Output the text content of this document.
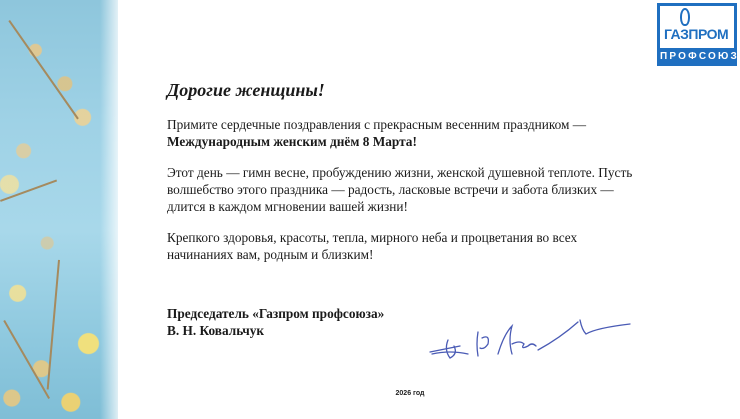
ГАЗПРОМ
ПРОФСОЮЗ

Дорогие женщины!

Примите сердечные поздравления с прекрасным весенним праздником —
Международным женским днём 8 Марта!

Этот день — гимн весне, пробуждению жизни, женской душевной теплоте. Пусть волшебство этого праздника — радость, ласковые встречи и забота близких — длится в каждом мгновении вашей жизни!

Крепкого здоровья, красоты, тепла, мирного неба и процветания во всех начинаниях вам, родным и близким!

Председатель «Газпром профсоюза»
В. Н. Ковальчук
2026 год
